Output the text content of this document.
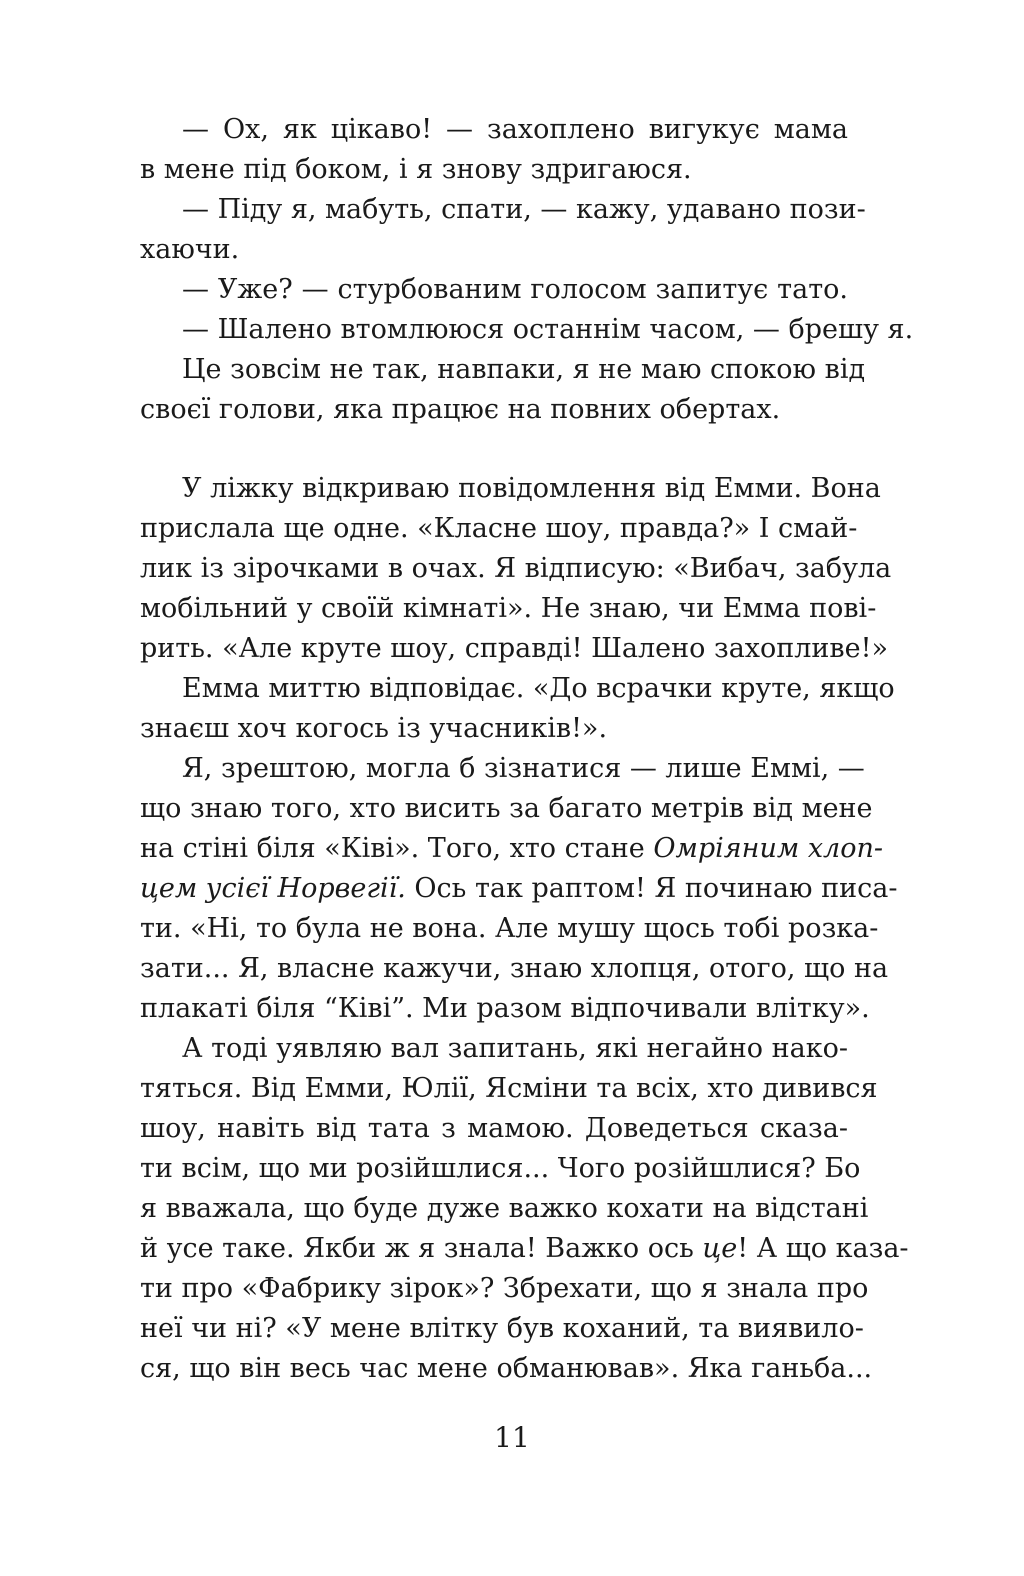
— Ох, як цікаво! — захоплено вигукує мама
в мене під боком, і я знову здригаюся.
— Піду я, мабуть, спати, — кажу, удавано пози-
хаючи.
— Уже? — стурбованим голосом запитує тато.
— Шалено втомлююся останнім часом, — брешу я.
Це зовсім не так, навпаки, я не маю спокою від
своєї голови, яка працює на повних обертах.
У ліжку відкриваю повідомлення від Емми. Вона
прислала ще одне. «Класне шоу, правда?» І смай-
лик із зірочками в очах. Я відписую: «Вибач, забула
мобільний у своїй кімнаті». Не знаю, чи Емма пові-
рить. «Але круте шоу, справді! Шалено захопливе!»
Емма миттю відповідає. «До всрачки круте, якщо
знаєш хоч когось із учасників!».
Я, зрештою, могла б зізнатися — лише Еммі, —
що знаю того, хто висить за багато метрів від мене
на стіні біля «Ківі». Того, хто стане Омріяним хлоп-
цем усієї Норвегії. Ось так раптом! Я починаю писа-
ти. «Ні, то була не вона. Але мушу щось тобі розка-
зати... Я, власне кажучи, знаю хлопця, отого, що на
плакаті біля “Ківі”. Ми разом відпочивали влітку».
А тоді уявляю вал запитань, які негайно нако-
тяться. Від Емми, Юлії, Ясміни та всіх, хто дивився
шоу, навіть від тата з мамою. Доведеться сказа-
ти всім, що ми розійшлися... Чого розійшлися? Бо
я вважала, що буде дуже важко кохати на відстані
й усе таке. Якби ж я знала! Важко ось це! А що каза-
ти про «Фабрику зірок»? Збрехати, що я знала про
неї чи ні? «У мене влітку був коханий, та виявило-
ся, що він весь час мене обманював». Яка ганьба...
11
